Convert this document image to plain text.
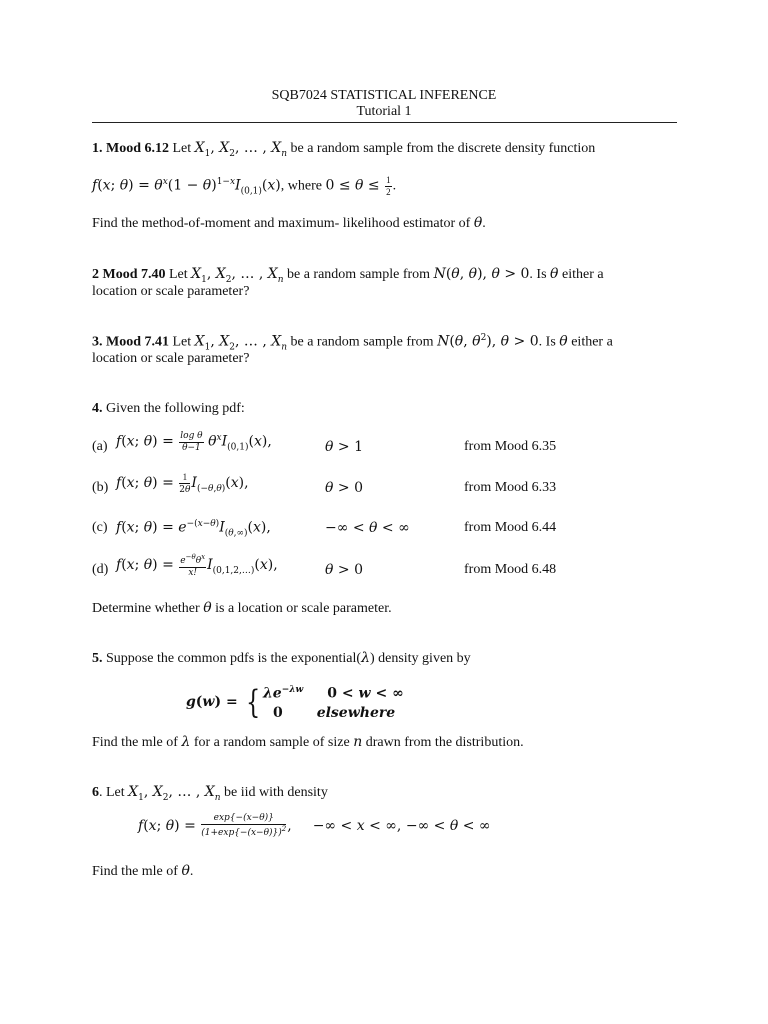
SQB7024 STATISTICAL INFERENCE
Tutorial 1
1. Mood 6.12 Let $X_1$, $X_2$, … , $X_n$ be a random sample from the discrete density function
f(x; $\theta) = \theta^x(1 - \theta)^{1-x}I_{(0,1)}(x)$, where $0 \le \theta \le \frac{1}{2}$ .
Find the method-of-moment and maximum- likelihood estimator of θ.
2 Mood 7.40 Let $X_1$, $X_2$, … , $X_n$ be a random sample from N(θ, θ), θ > 0. Is θ either a
location or scale parameter?
3. Mood 7.41 Let $X_1$, $X_2$, … , $X_n$ be a random sample from N(θ, $\theta^2$), θ > 0. Is θ either a
location or scale parameter?
4. Given the following pdf:
(a) f(x; $\theta) = \frac{\text{log θ}}{\theta-1} \theta^xI_{(0,1)}(x)$,	θ > 1	from Mood 6.35
(b) f(x; $\theta) = \frac{1}{2\theta} I_{(-\theta,\theta)}(x)$,	θ > 0	from Mood 6.33
(c) f(x; $\theta) = e^{-(x-\theta)}I_{(\theta,\infty)}(x)$,	−∞ < θ < ∞	from Mood 6.44
(d) f(x; $\theta) = \frac{e^{-\theta}\theta^x}{x!} I_{(0,1,2,\dots)}(x)$,	θ > 0	from Mood 6.48
Determine whether θ is a location or scale parameter.
5. Suppose the common pdfs is the exponential(λ) density given by
g(w) = { $\lambda e^{-\lambda w}$ 0 < w < ∞
0 elsewhere
Find the mle of λ for a random sample of size n drawn from the distribution.
6. Let $X_1$, $X_2$, … , $X_n$ be iid with density
f(x; $\theta) = \frac{\exp\{-(x-\theta)\}}{(1+\exp\{-(x-\theta)\})^2}$ , −∞ < x < ∞, −∞ < θ < ∞
Find the mle of θ.
